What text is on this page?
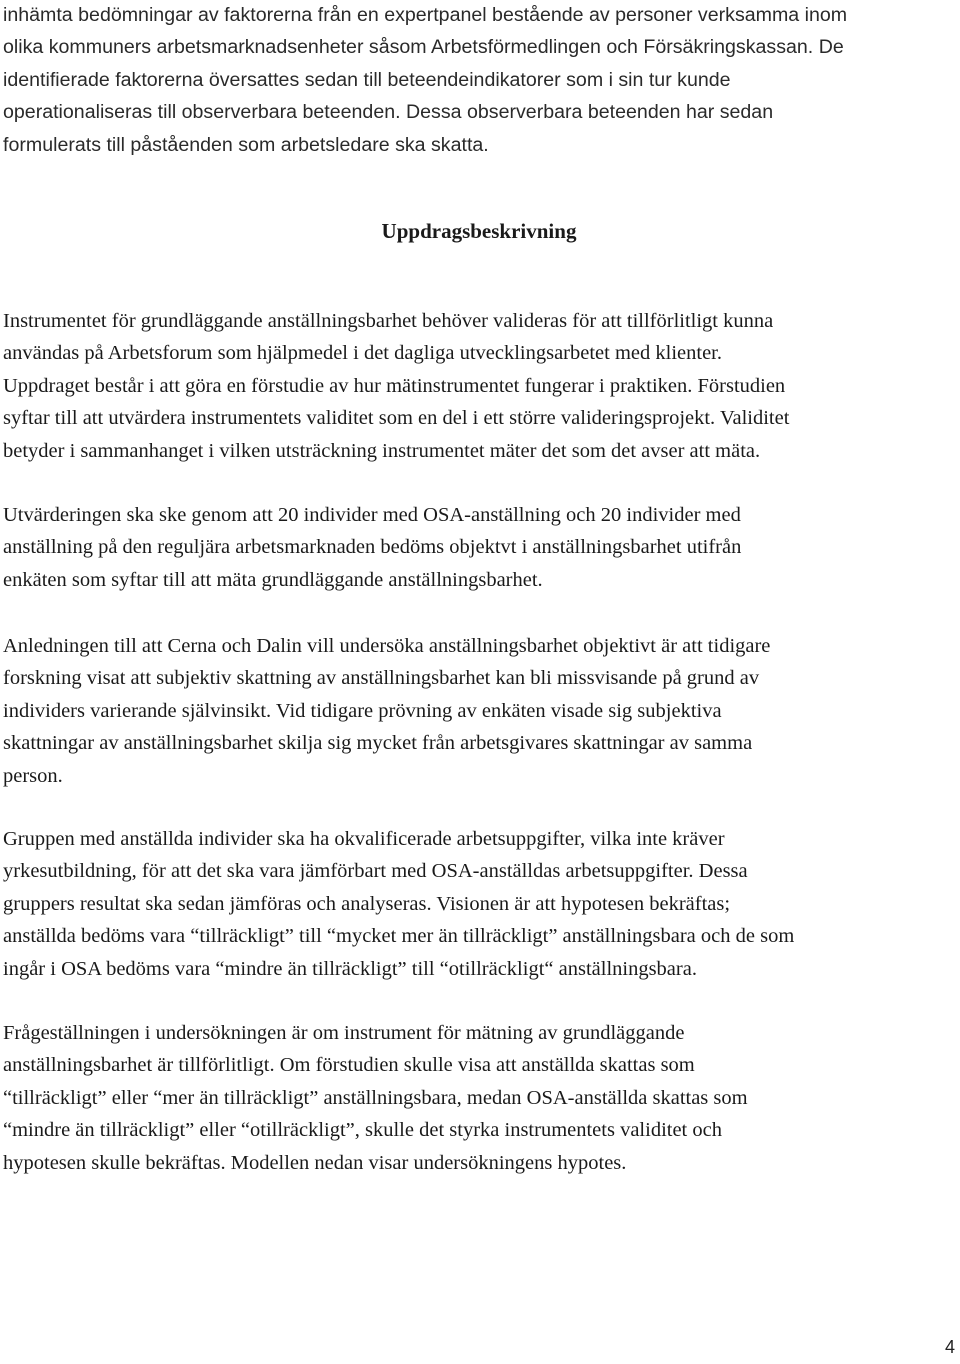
inhämta bedömningar av faktorerna från en expertpanel bestående av personer verksamma inom
olika kommuners arbetsmarknadsenheter såsom Arbetsförmedlingen och Försäkringskassan. De
identifierade faktorerna översattes sedan till beteendeindikatorer som i sin tur kunde
operationaliseras till observerbara beteenden. Dessa observerbara beteenden har sedan
formulerats till påståenden som arbetsledare ska skatta.
Uppdragsbeskrivning
Instrumentet för grundläggande anställningsbarhet behöver valideras för att tillförlitligt kunna
användas på Arbetsforum som hjälpmedel i det dagliga utvecklingsarbetet med klienter.
Uppdraget består i att göra en förstudie av hur mätinstrumentet fungerar i praktiken. Förstudien
syftar till att utvärdera instrumentets validitet som en del i ett större valideringsprojekt. Validitet
betyder i sammanhanget i vilken utsträckning instrumentet mäter det som det avser att mäta.
Utvärderingen ska ske genom att 20 individer med OSA-anställning och 20 individer med
anställning på den reguljära arbetsmarknaden bedöms objektvt i anställningsbarhet utifrån
enkäten som syftar till att mäta grundläggande anställningsbarhet.
Anledningen till att Cerna och Dalin vill undersöka anställningsbarhet objektivt är att tidigare
forskning visat att subjektiv skattning av anställningsbarhet kan bli missvisande på grund av
individers varierande självinsikt. Vid tidigare prövning av enkäten visade sig subjektiva
skattningar av anställningsbarhet skilja sig mycket från arbetsgivares skattningar av samma
person.
Gruppen med anställda individer ska ha okvalificerade arbetsuppgifter, vilka inte kräver
yrkesutbildning, för att det ska vara jämförbart med OSA-anställdas arbetsuppgifter. Dessa
gruppers resultat ska sedan jämföras och analyseras. Visionen är att hypotesen bekräftas;
anställda bedöms vara “tillräckligt” till “mycket mer än tillräckligt” anställningsbara och de som
ingår i OSA bedöms vara “mindre än tillräckligt” till “otillräckligt“ anställningsbara.
Frågeställningen i undersökningen är om instrument för mätning av grundläggande
anställningsbarhet är tillförlitligt. Om förstudien skulle visa att anställda skattas som
“tillräckligt” eller “mer än tillräckligt” anställningsbara, medan OSA-anställda skattas som
“mindre än tillräckligt” eller “otillräckligt”, skulle det styrka instrumentets validitet och
hypotesen skulle bekräftas. Modellen nedan visar undersökningens hypotes.
4
